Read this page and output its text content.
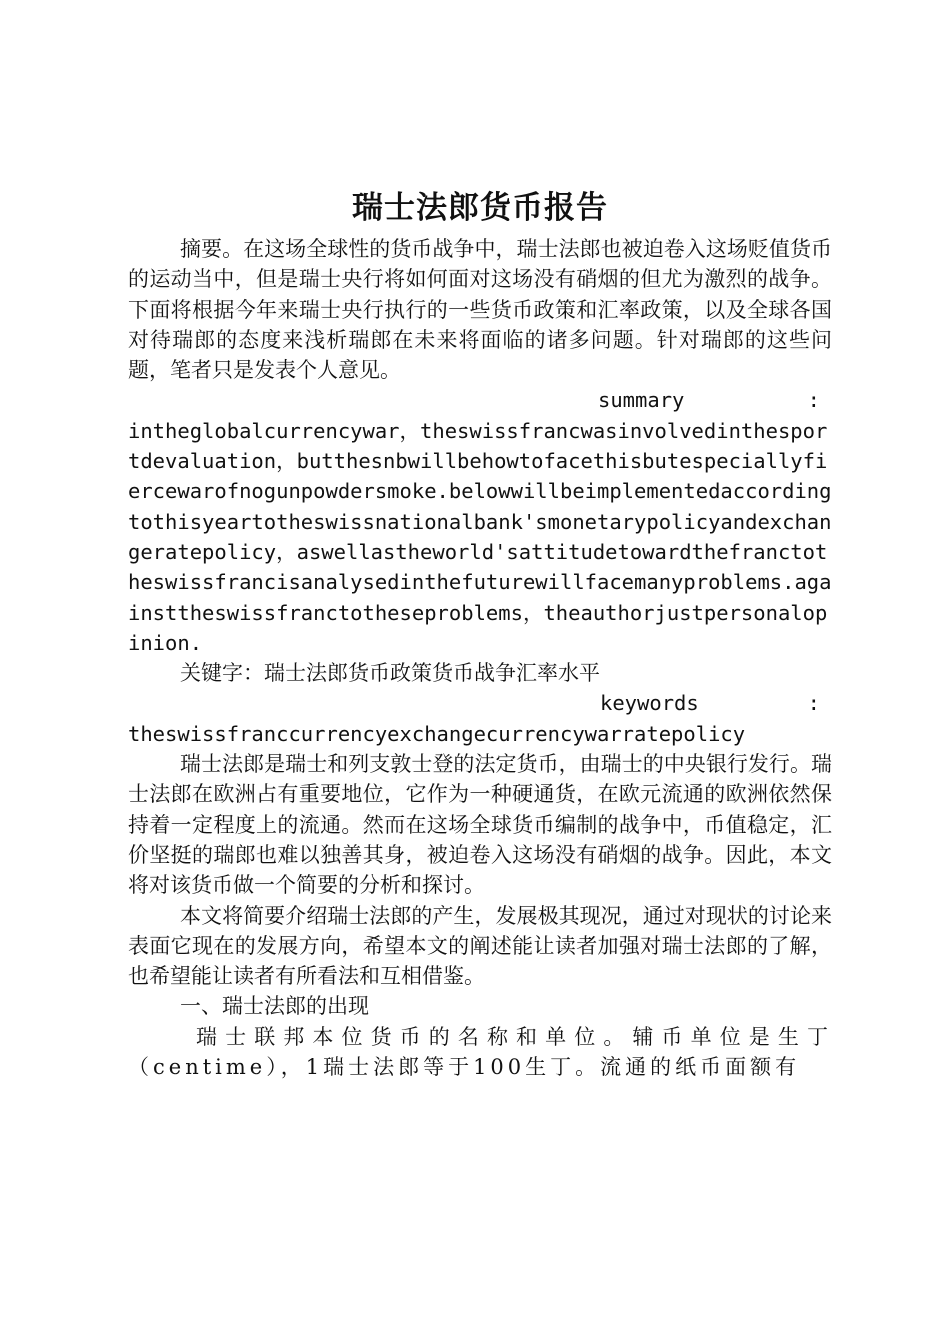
瑞士法郎货币报告

摘要。在这场全球性的货币战争中，瑞士法郎也被迫卷入这场贬值货币的运动当中，但是瑞士央行将如何面对这场没有硝烟的但尤为激烈的战争。下面将根据今年来瑞士央行执行的一些货币政策和汇率政策，以及全球各国对待瑞郎的态度来浅析瑞郎在未来将面临的诸多问题。针对瑞郎的这些问题，笔者只是发表个人意见。

summary	:

intheglobalcurrencywar，theswissfrancwasinvolvedinthesportdevaluation，butthesnbwillbehowtofacethisbutespeciallyfiercewarofnogunpowdersmoke.belowwillbeimplementedaccordingtothisyeartotheswissnationalbank'smonetarypolicyandexchangeratepolicy，aswellastheworld'sattitudetowardthefranctotheswissfrancisanalysedinthefuturewillfacemanyproblems.againsttheswissfranctotheseproblems，theauthorjustpersonalopinion.

关键字：瑞士法郎货币政策货币战争汇率水平

keywords	:

theswissfranccurrencyexchangecurrencywarratepolicy

瑞士法郎是瑞士和列支敦士登的法定货币，由瑞士的中央银行发行。瑞士法郎在欧洲占有重要地位，它作为一种硬通货，在欧元流通的欧洲依然保持着一定程度上的流通。然而在这场全球货币编制的战争中，币值稳定，汇价坚挺的瑞郎也难以独善其身，被迫卷入这场没有硝烟的战争。因此，本文将对该货币做一个简要的分析和探讨。

本文将简要介绍瑞士法郎的产生，发展极其现况，通过对现状的讨论来表面它现在的发展方向，希望本文的阐述能让读者加强对瑞士法郎的了解，也希望能让读者有所看法和互相借鉴。

一、瑞士法郎的出现

瑞士联邦本位货币的名称和单位。辅币单位是生丁（centime），1瑞士法郎等于100生丁。流通的纸币面额有
